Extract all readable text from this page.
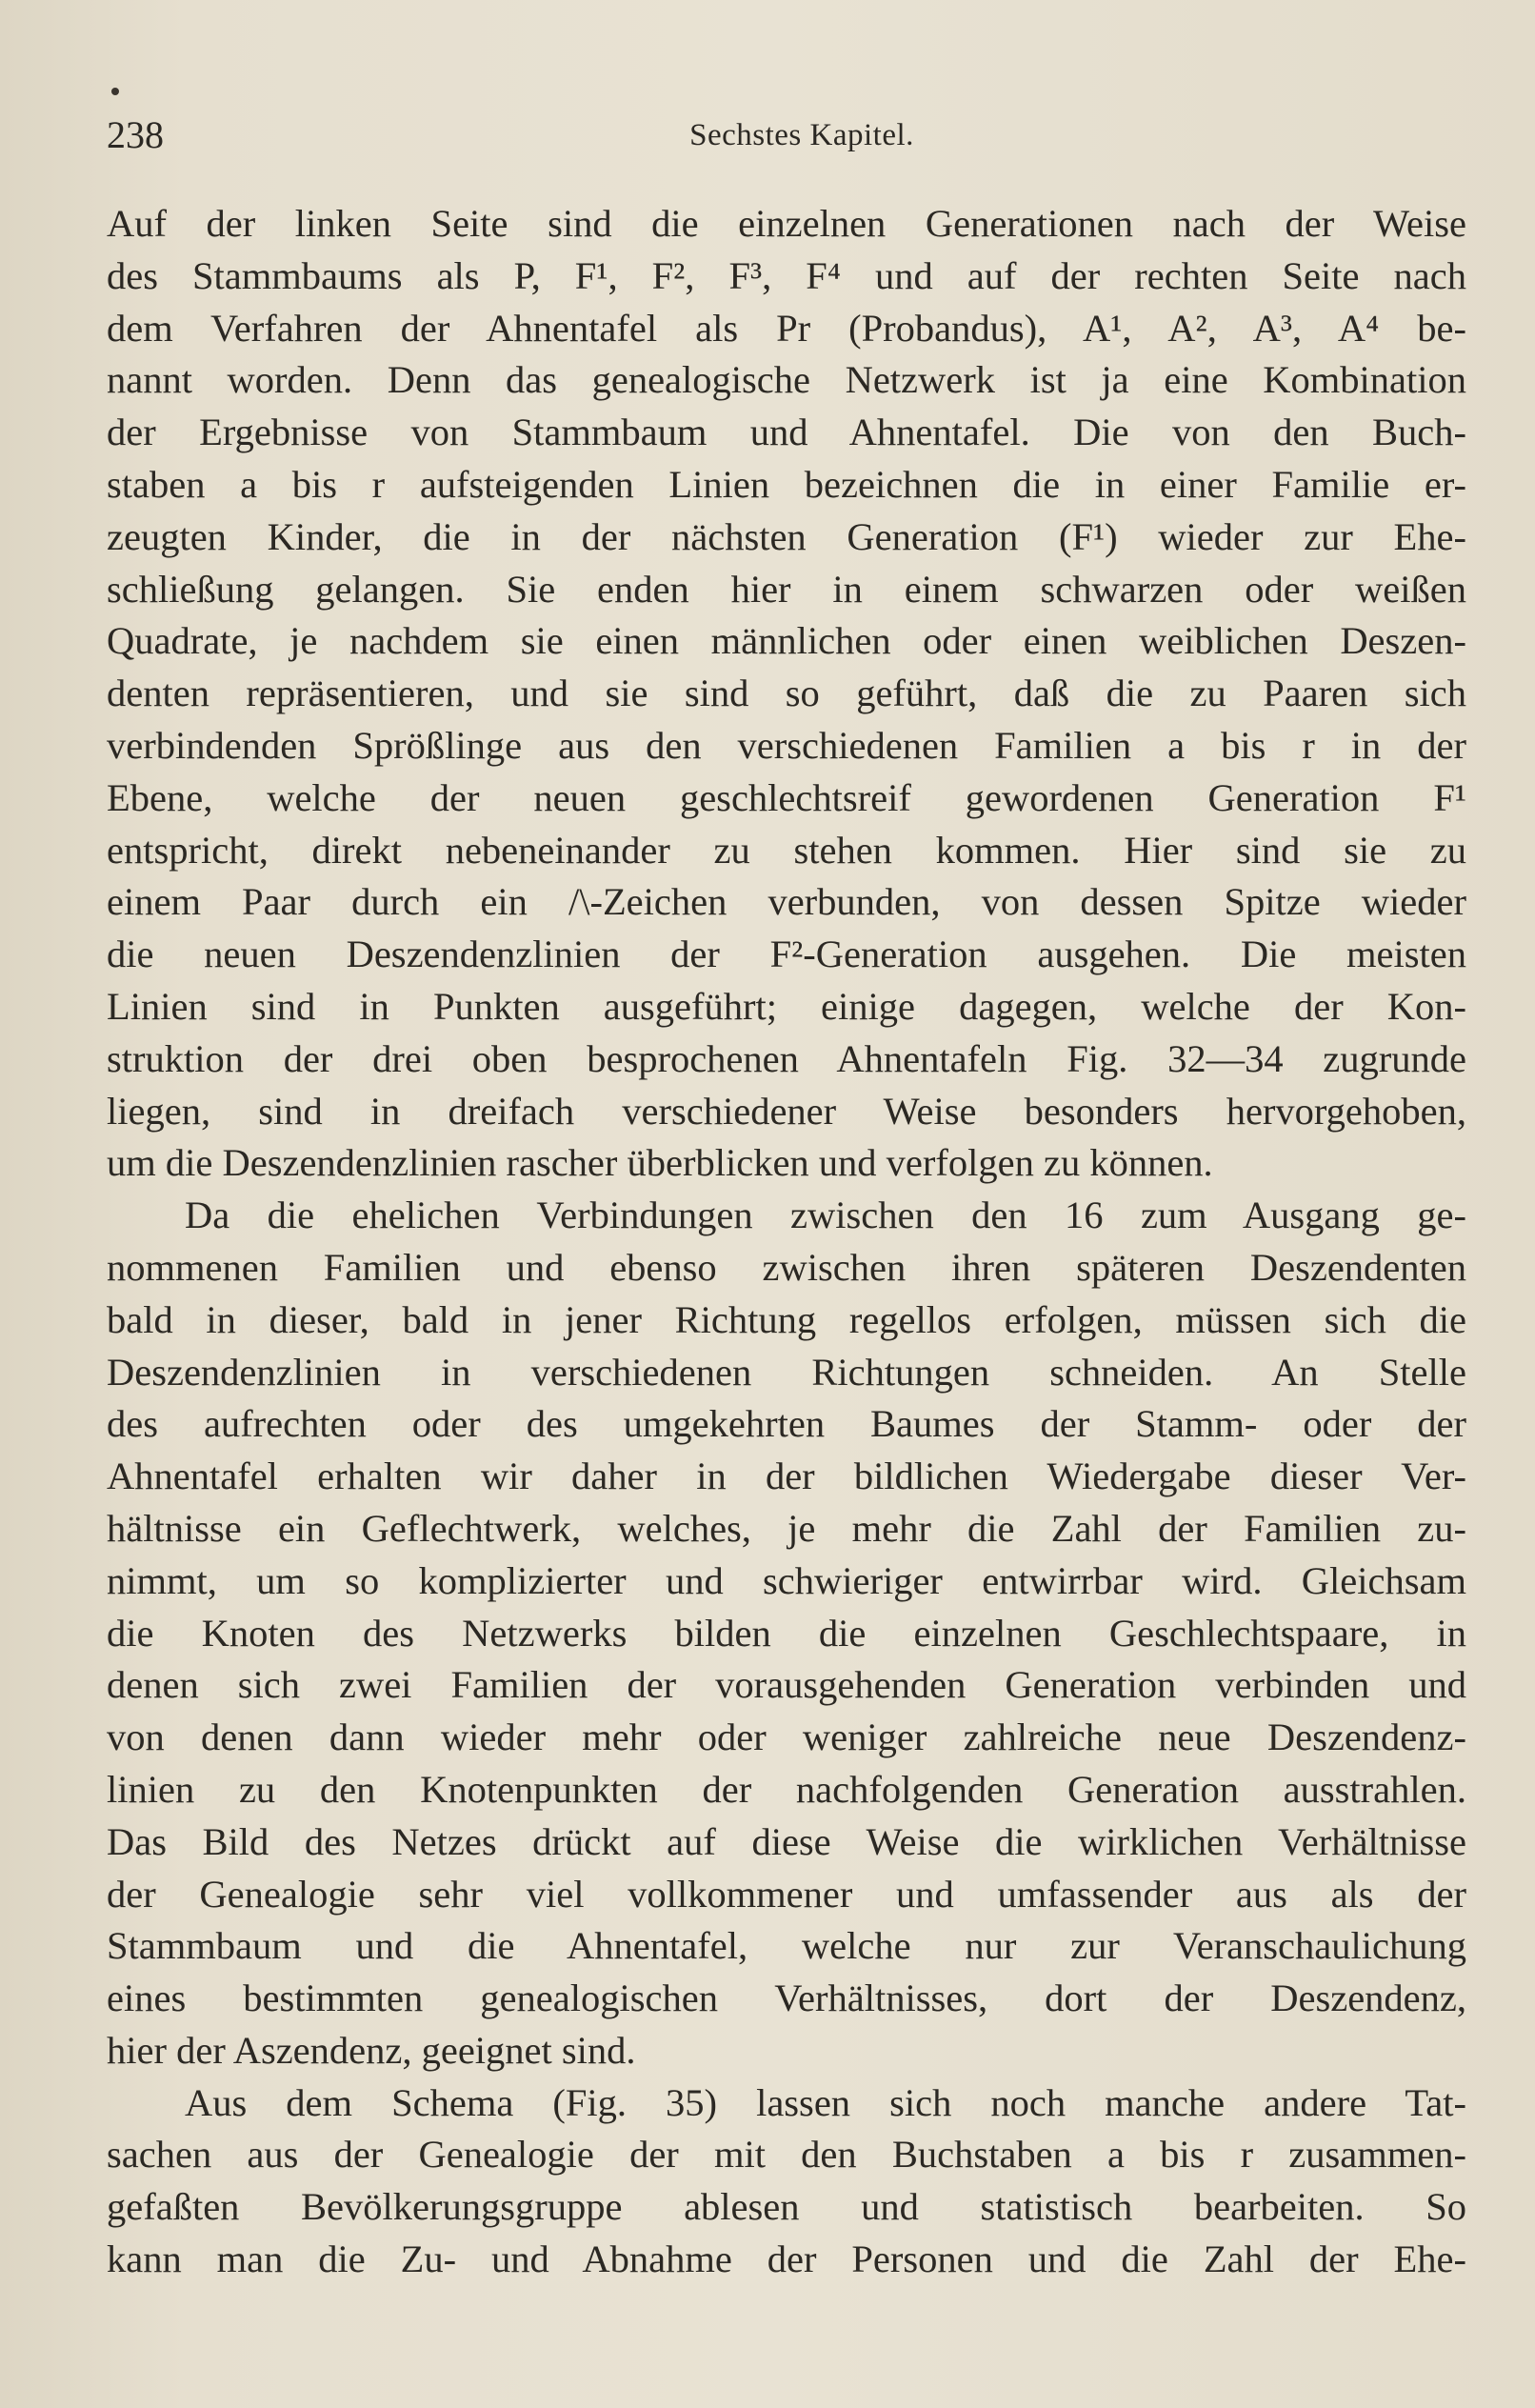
238	Sechstes Kapitel.
Auf der linken Seite sind die einzelnen Generationen nach der Weise
des Stammbaums als P, F¹, F², F³, F⁴ und auf der rechten Seite nach
dem Verfahren der Ahnentafel als Pr (Probandus), A¹, A², A³, A⁴ be-
nannt worden. Denn das genealogische Netzwerk ist ja eine Kombination
der Ergebnisse von Stammbaum und Ahnentafel. Die von den Buch-
staben a bis r aufsteigenden Linien bezeichnen die in einer Familie er-
zeugten Kinder, die in der nächsten Generation (F¹) wieder zur Ehe-
schließung gelangen. Sie enden hier in einem schwarzen oder weißen
Quadrate, je nachdem sie einen männlichen oder einen weiblichen Deszen-
denten repräsentieren, und sie sind so geführt, daß die zu Paaren sich
verbindenden Sprößlinge aus den verschiedenen Familien a bis r in der
Ebene, welche der neuen geschlechtsreif gewordenen Generation F¹
entspricht, direkt nebeneinander zu stehen kommen. Hier sind sie zu
einem Paar durch ein /\-Zeichen verbunden, von dessen Spitze wieder
die neuen Deszendenzlinien der F²-Generation ausgehen. Die meisten
Linien sind in Punkten ausgeführt; einige dagegen, welche der Kon-
struktion der drei oben besprochenen Ahnentafeln Fig. 32—34 zugrunde
liegen, sind in dreifach verschiedener Weise besonders hervorgehoben,
um die Deszendenzlinien rascher überblicken und verfolgen zu können.
Da die ehelichen Verbindungen zwischen den 16 zum Ausgang ge-
nommenen Familien und ebenso zwischen ihren späteren Deszendenten
bald in dieser, bald in jener Richtung regellos erfolgen, müssen sich die
Deszendenzlinien in verschiedenen Richtungen schneiden. An Stelle
des aufrechten oder des umgekehrten Baumes der Stamm- oder der
Ahnentafel erhalten wir daher in der bildlichen Wiedergabe dieser Ver-
hältnisse ein Geflechtwerk, welches, je mehr die Zahl der Familien zu-
nimmt, um so komplizierter und schwieriger entwirrbar wird. Gleichsam
die Knoten des Netzwerks bilden die einzelnen Geschlechtspaare, in
denen sich zwei Familien der vorausgehenden Generation verbinden und
von denen dann wieder mehr oder weniger zahlreiche neue Deszendenz-
linien zu den Knotenpunkten der nachfolgenden Generation ausstrahlen.
Das Bild des Netzes drückt auf diese Weise die wirklichen Verhältnisse
der Genealogie sehr viel vollkommener und umfassender aus als der
Stammbaum und die Ahnentafel, welche nur zur Veranschaulichung
eines bestimmten genealogischen Verhältnisses, dort der Deszendenz,
hier der Aszendenz, geeignet sind.
Aus dem Schema (Fig. 35) lassen sich noch manche andere Tat-
sachen aus der Genealogie der mit den Buchstaben a bis r zusammen-
gefaßten Bevölkerungsgruppe ablesen und statistisch bearbeiten. So
kann man die Zu- und Abnahme der Personen und die Zahl der Ehe-
